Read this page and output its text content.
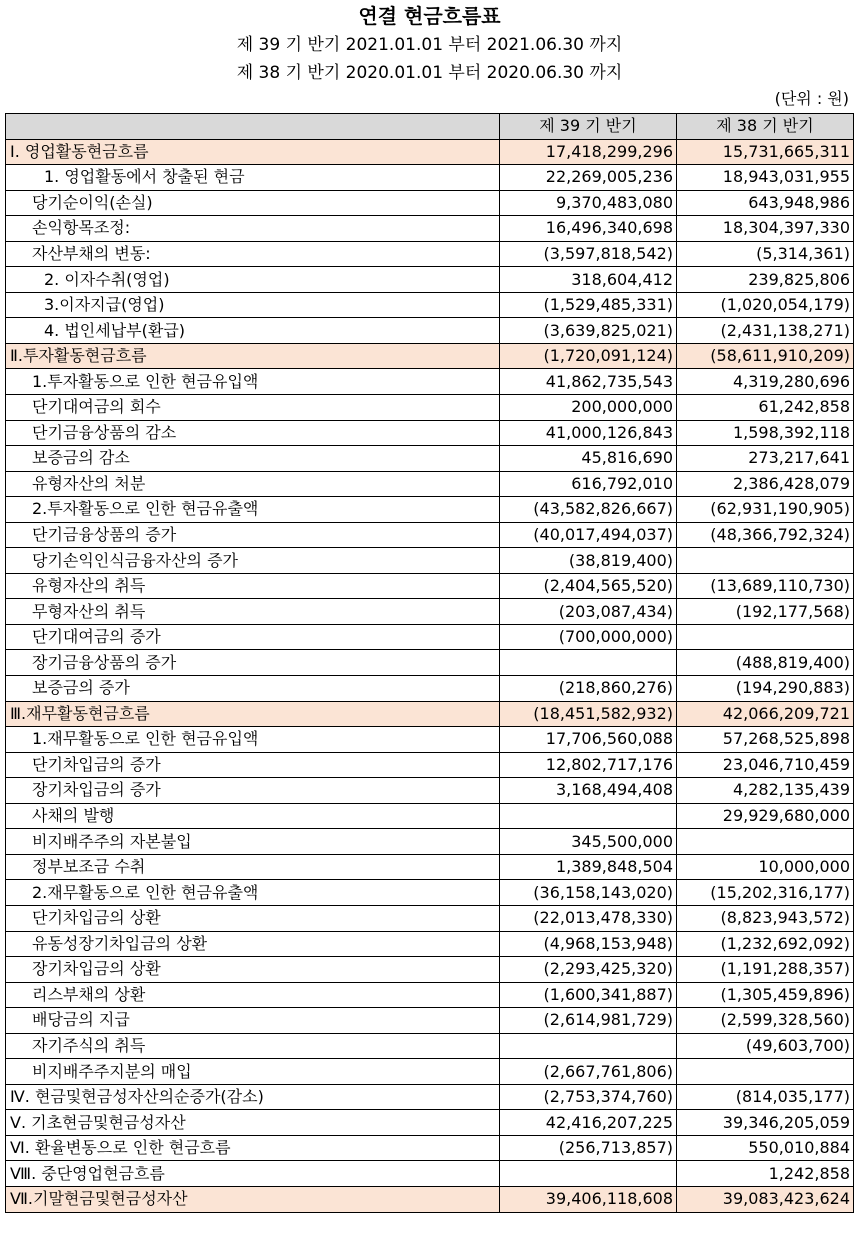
연결 현금흐름표
제 39 기 반기 2021.01.01 부터 2021.06.30 까지
제 38 기 반기 2020.01.01 부터 2020.06.30 까지
(단위 : 원)
	제 39 기 반기	제 38 기 반기
Ⅰ. 영업활동현금흐름	17,418,299,296	15,731,665,311
1. 영업활동에서 창출된 현금	22,269,005,236	18,943,031,955
당기순이익(손실)	9,370,483,080	643,948,986
손익항목조정:	16,496,340,698	18,304,397,330
자산부채의 변동:	(3,597,818,542)	(5,314,361)
2. 이자수취(영업)	318,604,412	239,825,806
3.이자지급(영업)	(1,529,485,331)	(1,020,054,179)
4. 법인세납부(환급)	(3,639,825,021)	(2,431,138,271)
Ⅱ.투자활동현금흐름	(1,720,091,124)	(58,611,910,209)
1.투자활동으로 인한 현금유입액	41,862,735,543	4,319,280,696
단기대여금의 회수	200,000,000	61,242,858
단기금융상품의 감소	41,000,126,843	1,598,392,118
보증금의 감소	45,816,690	273,217,641
유형자산의 처분	616,792,010	2,386,428,079
2.투자활동으로 인한 현금유출액	(43,582,826,667)	(62,931,190,905)
단기금융상품의 증가	(40,017,494,037)	(48,366,792,324)
당기손익인식금융자산의 증가	(38,819,400)	
유형자산의 취득	(2,404,565,520)	(13,689,110,730)
무형자산의 취득	(203,087,434)	(192,177,568)
단기대여금의 증가	(700,000,000)	
장기금융상품의 증가		(488,819,400)
보증금의 증가	(218,860,276)	(194,290,883)
Ⅲ.재무활동현금흐름	(18,451,582,932)	42,066,209,721
1.재무활동으로 인한 현금유입액	17,706,560,088	57,268,525,898
단기차입금의 증가	12,802,717,176	23,046,710,459
장기차입금의 증가	3,168,494,408	4,282,135,439
사채의 발행		29,929,680,000
비지배주주의 자본불입	345,500,000	
정부보조금 수취	1,389,848,504	10,000,000
2.재무활동으로 인한 현금유출액	(36,158,143,020)	(15,202,316,177)
단기차입금의 상환	(22,013,478,330)	(8,823,943,572)
유동성장기차입금의 상환	(4,968,153,948)	(1,232,692,092)
장기차입금의 상환	(2,293,425,320)	(1,191,288,357)
리스부채의 상환	(1,600,341,887)	(1,305,459,896)
배당금의 지급	(2,614,981,729)	(2,599,328,560)
자기주식의 취득		(49,603,700)
비지배주주지분의 매입	(2,667,761,806)	
Ⅳ. 현금및현금성자산의순증가(감소)	(2,753,374,760)	(814,035,177)
Ⅴ. 기초현금및현금성자산	42,416,207,225	39,346,205,059
Ⅵ. 환율변동으로 인한 현금흐름	(256,713,857)	550,010,884
Ⅷ. 중단영업현금흐름		1,242,858
Ⅶ.기말현금및현금성자산	39,406,118,608	39,083,423,624
